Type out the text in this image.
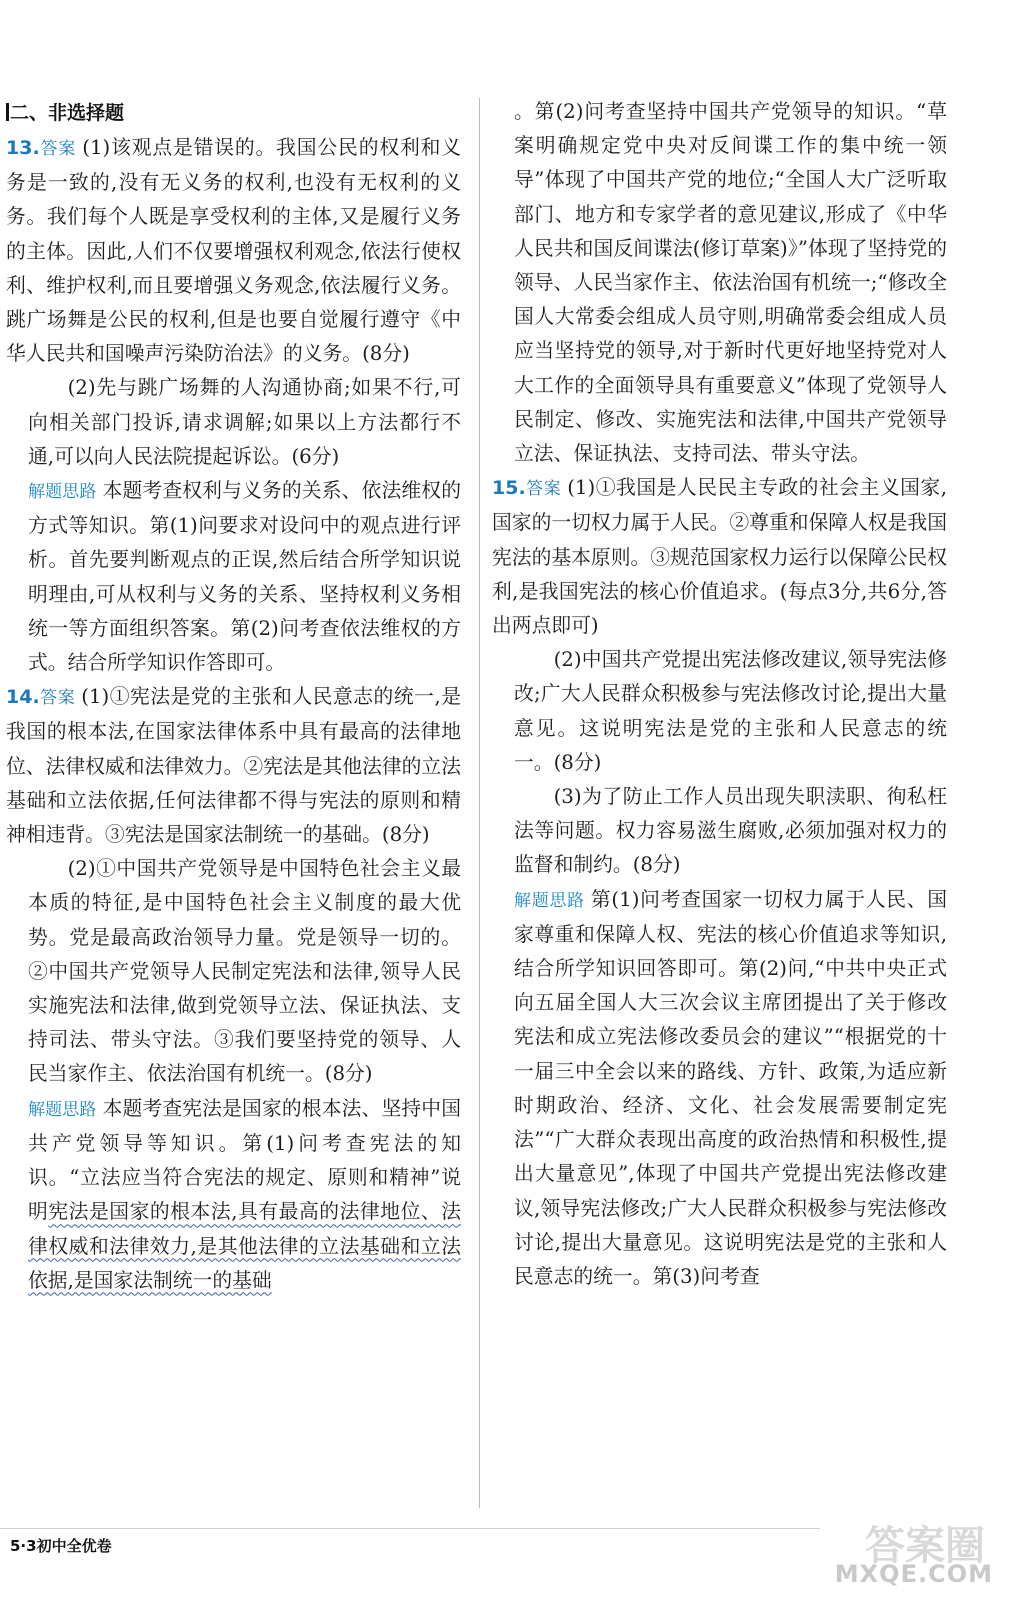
二、非选择题

13.答案 (1)该观点是错误的。我国公民的权利和义务是一致的,没有无义务的权利,也没有无权利的义务。我们每个人既是享受权利的主体,又是履行义务的主体。因此,人们不仅要增强权利观念,依法行使权利、维护权利,而且要增强义务观念,依法履行义务。跳广场舞是公民的权利,但是也要自觉履行遵守《中华人民共和国噪声污染防治法》的义务。(8分)

(2)先与跳广场舞的人沟通协商;如果不行,可向相关部门投诉,请求调解;如果以上方法都行不通,可以向人民法院提起诉讼。(6分)

解题思路 本题考查权利与义务的关系、依法维权的方式等知识。第(1)问要求对设问中的观点进行评析。首先要判断观点的正误,然后结合所学知识说明理由,可从权利与义务的关系、坚持权利义务相统一等方面组织答案。第(2)问考查依法维权的方式。结合所学知识作答即可。

14.答案 (1)①宪法是党的主张和人民意志的统一,是我国的根本法,在国家法律体系中具有最高的法律地位、法律权威和法律效力。②宪法是其他法律的立法基础和立法依据,任何法律都不得与宪法的原则和精神相违背。③宪法是国家法制统一的基础。(8分)

(2)①中国共产党领导是中国特色社会主义最本质的特征,是中国特色社会主义制度的最大优势。党是最高政治领导力量。党是领导一切的。②中国共产党领导人民制定宪法和法律,领导人民实施宪法和法律,做到党领导立法、保证执法、支持司法、带头守法。③我们要坚持党的领导、人民当家作主、依法治国有机统一。(8分)

解题思路 本题考查宪法是国家的根本法、坚持中国共产党领导等知识。第(1)问考查宪法的知识。“立法应当符合宪法的规定、原则和精神”说明宪法是国家的根本法,具有最高的法律地位、法律权威和法律效力,是其他法律的立法基础和立法依据,是国家法制统一的基础

。第(2)问考查坚持中国共产党领导的知识。“草案明确规定党中央对反间谍工作的集中统一领导”体现了中国共产党的地位;“全国人大广泛听取部门、地方和专家学者的意见建议,形成了《中华人民共和国反间谍法(修订草案)》”体现了坚持党的领导、人民当家作主、依法治国有机统一;“修改全国人大常委会组成人员守则,明确常委会组成人员应当坚持党的领导,对于新时代更好地坚持党对人大工作的全面领导具有重要意义”体现了党领导人民制定、修改、实施宪法和法律,中国共产党领导立法、保证执法、支持司法、带头守法。

15.答案 (1)①我国是人民民主专政的社会主义国家,国家的一切权力属于人民。②尊重和保障人权是我国宪法的基本原则。③规范国家权力运行以保障公民权利,是我国宪法的核心价值追求。(每点3分,共6分,答出两点即可)

(2)中国共产党提出宪法修改建议,领导宪法修改;广大人民群众积极参与宪法修改讨论,提出大量意见。这说明宪法是党的主张和人民意志的统一。(8分)

(3)为了防止工作人员出现失职渎职、徇私枉法等问题。权力容易滋生腐败,必须加强对权力的监督和制约。(8分)

解题思路 第(1)问考查国家一切权力属于人民、国家尊重和保障人权、宪法的核心价值追求等知识,结合所学知识回答即可。第(2)问,“中共中央正式向五届全国人大三次会议主席团提出了关于修改宪法和成立宪法修改委员会的建议”“根据党的十一届三中全会以来的路线、方针、政策,为适应新时期政治、经济、文化、社会发展需要制定宪法”“广大群众表现出高度的政治热情和积极性,提出大量意见”,体现了中国共产党提出宪法修改建议,领导宪法修改;广大人民群众积极参与宪法修改讨论,提出大量意见。这说明宪法是党的主张和人民意志的统一。第(3)问考查

5·3初中全优卷	答案圈
MXQE.COM
